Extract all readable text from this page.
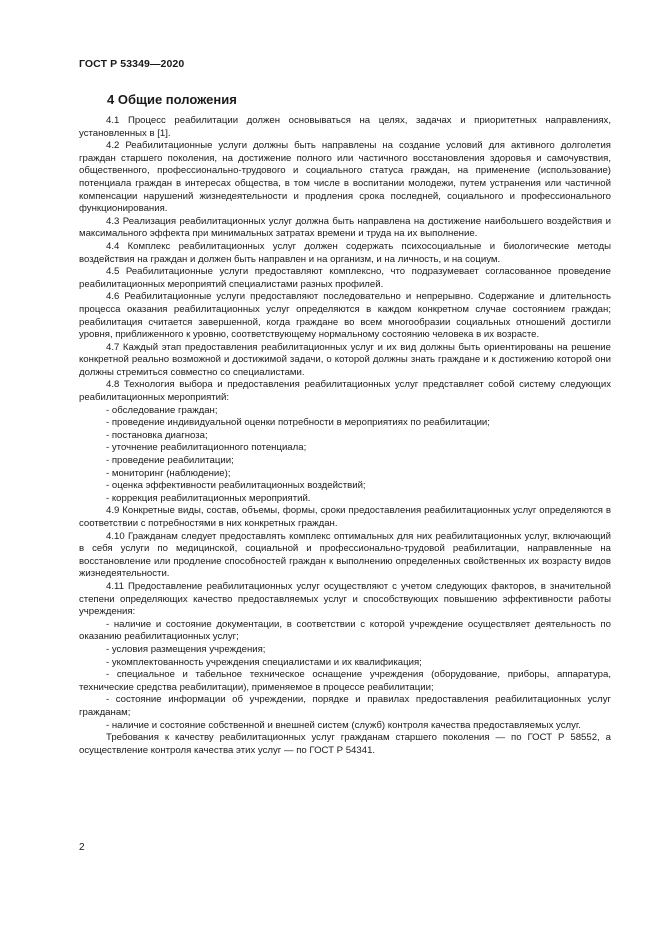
ГОСТ Р 53349—2020
4 Общие положения

4.1 Процесс реабилитации должен основываться на целях, задачах и приоритетных направлениях, установленных в [1].

4.2 Реабилитационные услуги должны быть направлены на создание условий для активного долголетия граждан старшего поколения, на достижение полного или частичного восстановления здоровья и самочувствия, общественного, профессионально-трудового и социального статуса граждан, на применение (использование) потенциала граждан в интересах общества, в том числе в воспитании молодежи, путем устранения или частичной компенсации нарушений жизнедеятельности и продления срока последней, социального и профессионального функционирования.

4.3 Реализация реабилитационных услуг должна быть направлена на достижение наибольшего воздействия и максимального эффекта при минимальных затратах времени и труда на их выполнение.

4.4 Комплекс реабилитационных услуг должен содержать психосоциальные и биологические методы воздействия на граждан и должен быть направлен и на организм, и на личность, и на социум.

4.5 Реабилитационные услуги предоставляют комплексно, что подразумевает согласованное проведение реабилитационных мероприятий специалистами разных профилей.

4.6 Реабилитационные услуги предоставляют последовательно и непрерывно. Содержание и длительность процесса оказания реабилитационных услуг определяются в каждом конкретном случае состоянием граждан; реабилитация считается завершенной, когда граждане во всем многообразии социальных отношений достигли уровня, приближенного к уровню, соответствующему нормальному состоянию человека в их возрасте.

4.7 Каждый этап предоставления реабилитационных услуг и их вид должны быть ориентированы на решение конкретной реально возможной и достижимой задачи, о которой должны знать граждане и к достижению которой они должны стремиться совместно со специалистами.

4.8 Технология выбора и предоставления реабилитационных услуг представляет собой систему следующих реабилитационных мероприятий:

- обследование граждан;
- проведение индивидуальной оценки потребности в мероприятиях по реабилитации;
- постановка диагноза;
- уточнение реабилитационного потенциала;
- проведение реабилитации;
- мониторинг (наблюдение);
- оценка эффективности реабилитационных воздействий;
- коррекция реабилитационных мероприятий.

4.9 Конкретные виды, состав, объемы, формы, сроки предоставления реабилитационных услуг определяются в соответствии с потребностями в них конкретных граждан.

4.10 Гражданам следует предоставлять комплекс оптимальных для них реабилитационных услуг, включающий в себя услуги по медицинской, социальной и профессионально-трудовой реабилитации, направленные на восстановление или продление способностей граждан к выполнению определенных свойственных их возрасту видов жизнедеятельности.

4.11 Предоставление реабилитационных услуг осуществляют с учетом следующих факторов, в значительной степени определяющих качество предоставляемых услуг и способствующих повышению эффективности работы учреждения:

- наличие и состояние документации, в соответствии с которой учреждение осуществляет деятельность по оказанию реабилитационных услуг;
- условия размещения учреждения;
- укомплектованность учреждения специалистами и их квалификация;
- специальное и табельное техническое оснащение учреждения (оборудование, приборы, аппаратура, технические средства реабилитации), применяемое в процессе реабилитации;
- состояние информации об учреждении, порядке и правилах предоставления реабилитационных услуг гражданам;
- наличие и состояние собственной и внешней систем (служб) контроля качества предоставляемых услуг.

Требования к качеству реабилитационных услуг гражданам старшего поколения — по ГОСТ Р 58552, а осуществление контроля качества этих услуг — по ГОСТ Р 54341.

2
